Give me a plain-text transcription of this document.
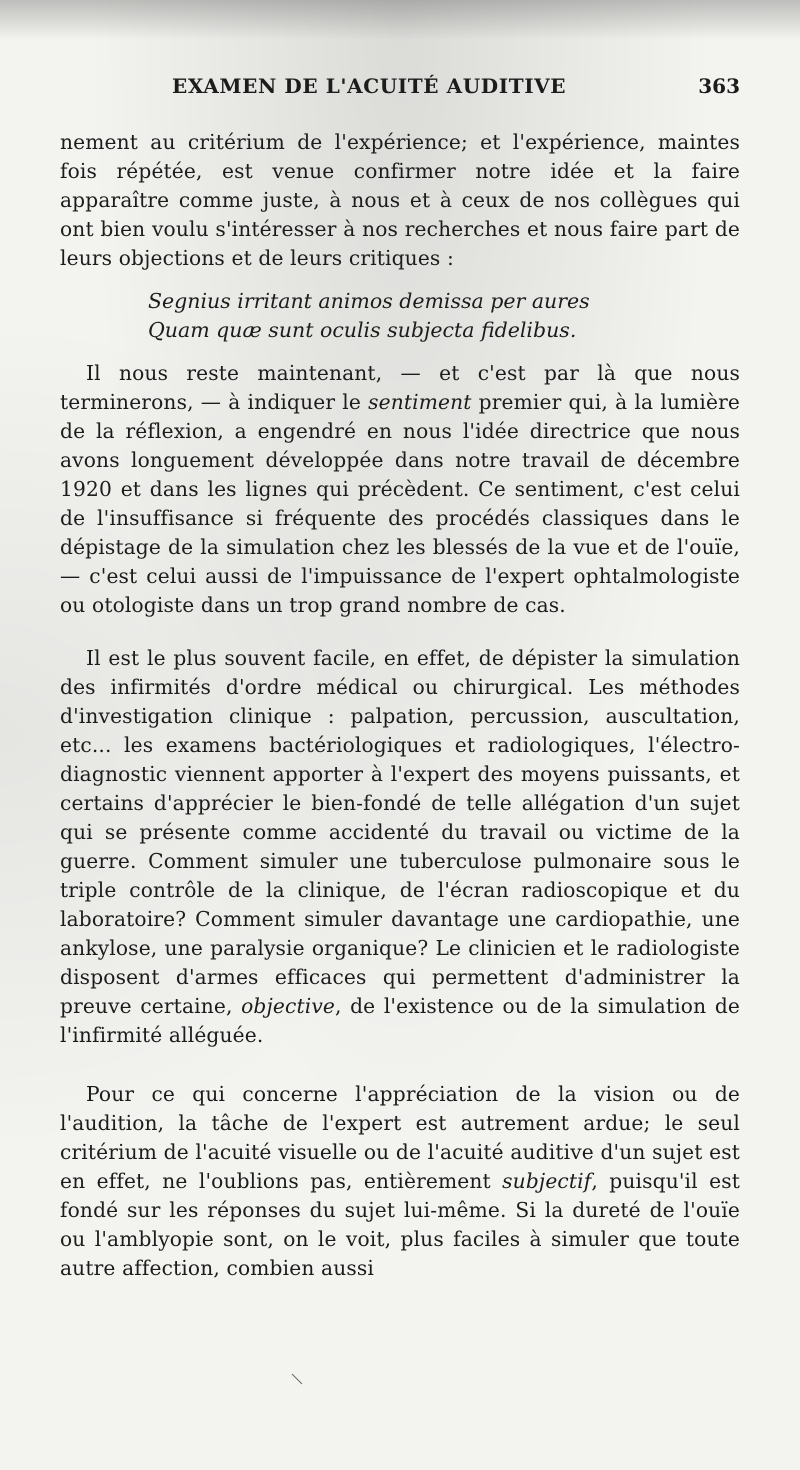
EXAMEN DE L'ACUITÉ AUDITIVE	363

nement au critérium de l'expérience; et l'expérience, maintes fois répétée, est venue confirmer notre idée et la faire apparaître comme juste, à nous et à ceux de nos collègues qui ont bien voulu s'intéresser à nos recherches et nous faire part de leurs objections et de leurs critiques :

Segnius irritant animos demissa per aures
Quam quæ sunt oculis subjecta fidelibus.

Il nous reste maintenant, — et c'est par là que nous terminerons, — à indiquer le sentiment premier qui, à la lumière de la réflexion, a engendré en nous l'idée directrice que nous avons longuement développée dans notre travail de décembre 1920 et dans les lignes qui précèdent. Ce sentiment, c'est celui de l'insuffisance si fréquente des procédés classiques dans le dépistage de la simulation chez les blessés de la vue et de l'ouïe, — c'est celui aussi de l'impuissance de l'expert ophtalmologiste ou otologiste dans un trop grand nombre de cas.

Il est le plus souvent facile, en effet, de dépister la simulation des infirmités d'ordre médical ou chirurgical. Les méthodes d'investigation clinique : palpation, percussion, auscultation, etc... les examens bactériologiques et radiologiques, l'électro-diagnostic viennent apporter à l'expert des moyens puissants, et certains d'apprécier le bien-fondé de telle allégation d'un sujet qui se présente comme accidenté du travail ou victime de la guerre. Comment simuler une tuberculose pulmonaire sous le triple contrôle de la clinique, de l'écran radioscopique et du laboratoire? Comment simuler davantage une cardiopathie, une ankylose, une paralysie organique? Le clinicien et le radiologiste disposent d'armes efficaces qui permettent d'administrer la preuve certaine, objective, de l'existence ou de la simulation de l'infirmité alléguée.

Pour ce qui concerne l'appréciation de la vision ou de l'audition, la tâche de l'expert est autrement ardue; le seul critérium de l'acuité visuelle ou de l'acuité auditive d'un sujet est en effet, ne l'oublions pas, entièrement subjectif, puisqu'il est fondé sur les réponses du sujet lui-même. Si la dureté de l'ouïe ou l'amblyopie sont, on le voit, plus faciles à simuler que toute autre affection, combien aussi
